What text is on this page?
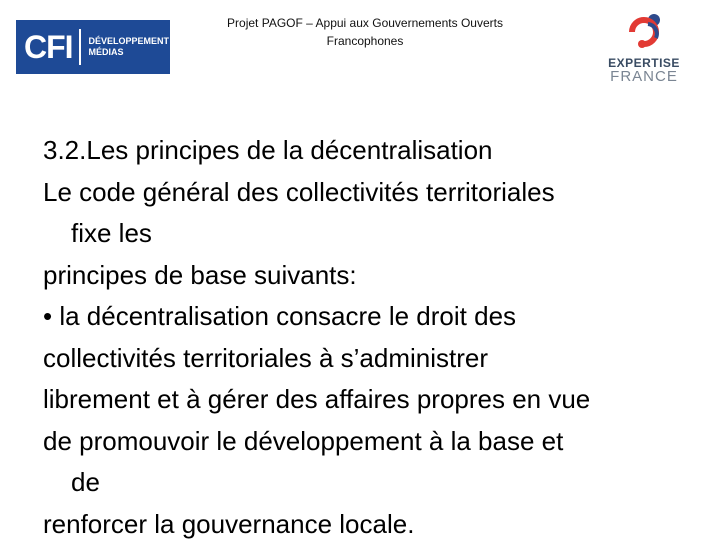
CFI DÉVELOPPEMENT
MÉDIAS
Projet PAGOF – Appui aux Gouvernements Ouverts
Francophones
EXPERTISE
FRANCE
3.2.Les principes de la décentralisation
Le code général des collectivités territoriales
fixe les
principes de base suivants:
• la décentralisation consacre le droit des
collectivités territoriales à s’administrer
librement et à gérer des affaires propres en vue
de promouvoir le développement à la base et
de
renforcer la gouvernance locale.
